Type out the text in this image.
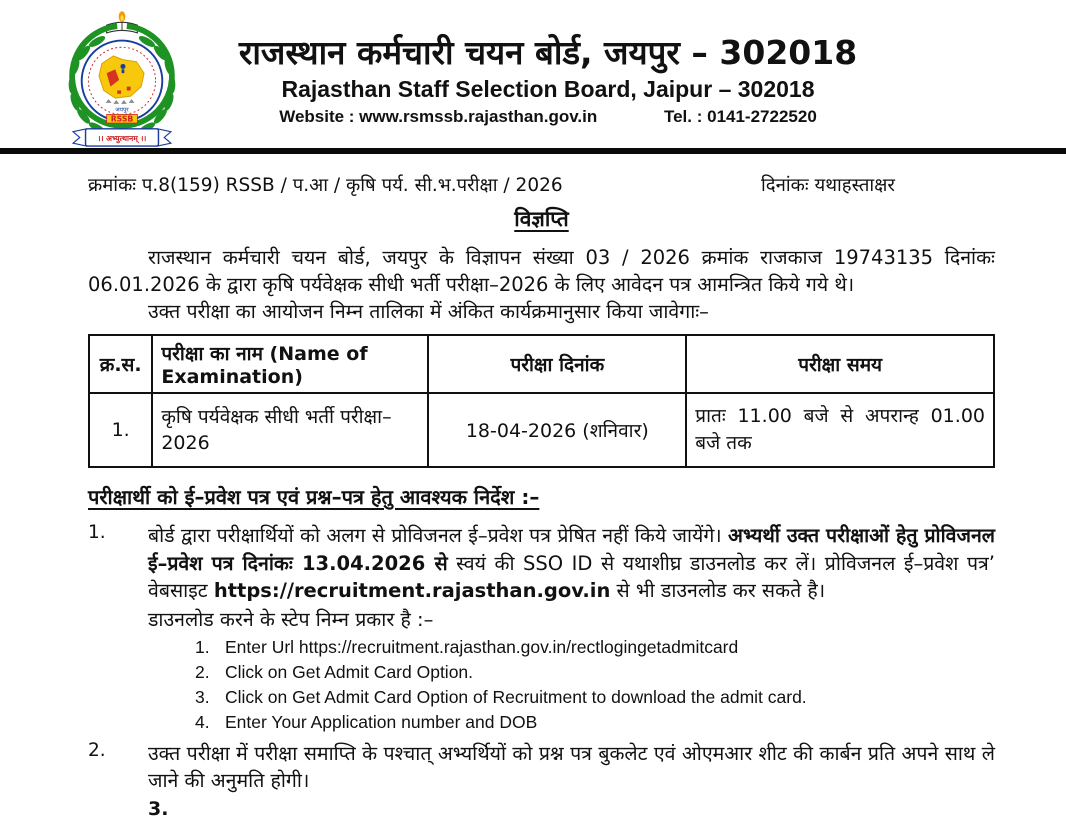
जयपुर
RSSB
।। अभ्युत्थानम् ।।
राजस्थान कर्मचारी चयन बोर्ड, जयपुर – 302018
Rajasthan Staff Selection Board, Jaipur – 302018
Website : www.rsmssb.rajasthan.gov.in	Tel. : 0141-2722520
क्रमांकः प.8(159) RSSB / प.आ / कृषि पर्य. सी.भ.परीक्षा / 2026	दिनांकः यथाहस्ताक्षर
विज्ञप्ति

राजस्थान कर्मचारी चयन बोर्ड, जयपुर के विज्ञापन संख्या 03 / 2026 क्रमांक राजकाज 19743135 दिनांकः 06.01.2026 के द्वारा कृषि पर्यवेक्षक सीधी भर्ती परीक्षा–2026 के लिए आवेदन पत्र आमन्त्रित किये गये थे।

उक्त परीक्षा का आयोजन निम्न तालिका में अंकित कार्यक्रमानुसार किया जावेगाः–

क्र.स.	परीक्षा का नाम (Name of Examination)	परीक्षा दिनांक	परीक्षा समय
1.	कृषि पर्यवेक्षक सीधी भर्ती परीक्षा–2026	18-04-2026 (शनिवार)	प्रातः 11.00 बजे से अपरान्ह 01.00 बजे तक
परीक्षार्थी को ई–प्रवेश पत्र एवं प्रश्न–पत्र हेतु आवश्यक निर्देश :–
1. बोर्ड द्वारा परीक्षार्थियों को अलग से प्रोविजनल ई–प्रवेश पत्र प्रेषित नहीं किये जायेंगे। अभ्यर्थी उक्त परीक्षाओं हेतु प्रोविजनल ई–प्रवेश पत्र दिनांकः 13.04.2026 से स्वयं की SSO ID से यथाशीघ्र डाउनलोड कर लें। प्रोविजनल ई–प्रवेश पत्र’ वेबसाइट https://recruitment.rajasthan.gov.in से भी डाउनलोड कर सकते है।
डाउनलोड करने के स्टेप निम्न प्रकार है :–
1. Enter Url https://recruitment.rajasthan.gov.in/rectlogingetadmitcard
2. Click on Get Admit Card Option.
3. Click on Get Admit Card Option of Recruitment to download the admit card.
4. Enter Your Application number and DOB
2. उक्त परीक्षा में परीक्षा समाप्ति के पश्चात् अभ्यर्थियों को प्रश्न पत्र बुकलेट एवं ओएमआर शीट की कार्बन प्रति अपने साथ ले जाने की अनुमति होगी।
3.
